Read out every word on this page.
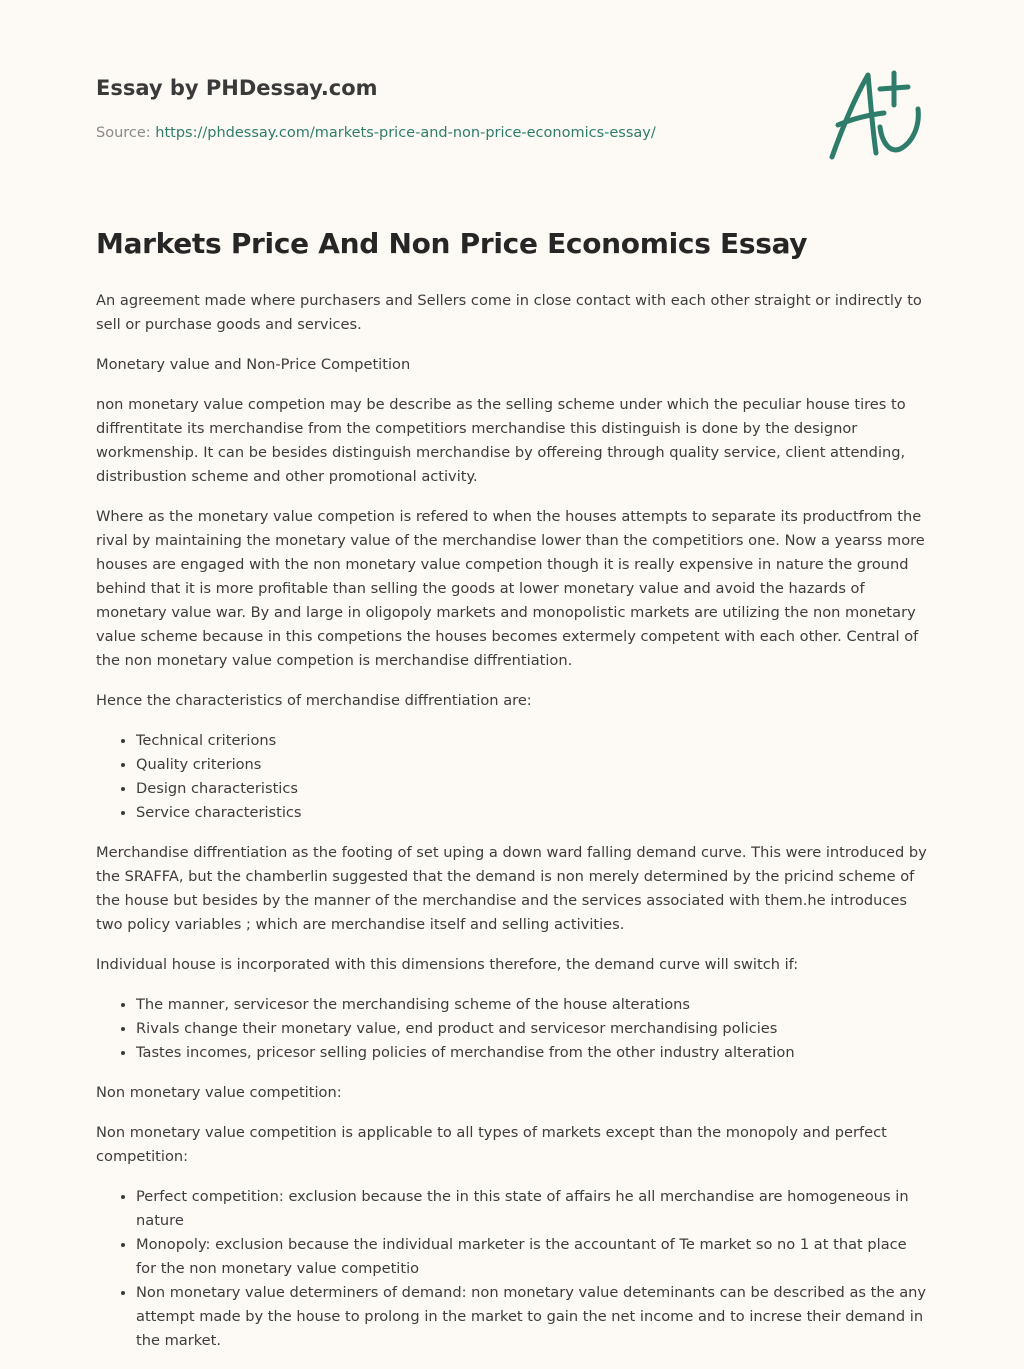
Essay by PHDessay.com
Source: https://phdessay.com/markets-price-and-non-price-economics-essay/
Markets Price And Non Price Economics Essay

An agreement made where purchasers and Sellers come in close contact with each other straight or indirectly to sell or purchase goods and services.

Monetary value and Non-Price Competition

non monetary value competion may be describe as the selling scheme under which the peculiar house tires to diffrentitate its merchandise from the competitiors merchandise this distinguish is done by the designor workmenship. It can be besides distinguish merchandise by offereing through quality service, client attending, distribustion scheme and other promotional activity.

Where as the monetary value competion is refered to when the houses attempts to separate its productfrom the rival by maintaining the monetary value of the merchandise lower than the competitiors one. Now a yearss more houses are engaged with the non monetary value competion though it is really expensive in nature the ground behind that it is more profitable than selling the goods at lower monetary value and avoid the hazards of monetary value war. By and large in oligopoly markets and monopolistic markets are utilizing the non monetary value scheme because in this competions the houses becomes extermely competent with each other. Central of the non monetary value competion is merchandise diffrentiation.

Hence the characteristics of merchandise diffrentiation are:

• Technical criterions
• Quality criterions
• Design characteristics
• Service characteristics

Merchandise diffrentiation as the footing of set uping a down ward falling demand curve. This were introduced by the SRAFFA, but the chamberlin suggested that the demand is non merely determined by the pricind scheme of the house but besides by the manner of the merchandise and the services associated with them.he introduces two policy variables ; which are merchandise itself and selling activities.

Individual house is incorporated with this dimensions therefore, the demand curve will switch if:

• The manner, servicesor the merchandising scheme of the house alterations
• Rivals change their monetary value, end product and servicesor merchandising policies
• Tastes incomes, pricesor selling policies of merchandise from the other industry alteration

Non monetary value competition:

Non monetary value competition is applicable to all types of markets except than the monopoly and perfect competition:

• Perfect competition: exclusion because the in this state of affairs he all merchandise are homogeneous in nature
• Monopoly: exclusion because the individual marketer is the accountant of Te market so no 1 at that place for the non monetary value competitio
• Non monetary value determiners of demand: non monetary value deteminants can be described as the any attempt made by the house to prolong in the market to gain the net income and to increse their demand in the market.
